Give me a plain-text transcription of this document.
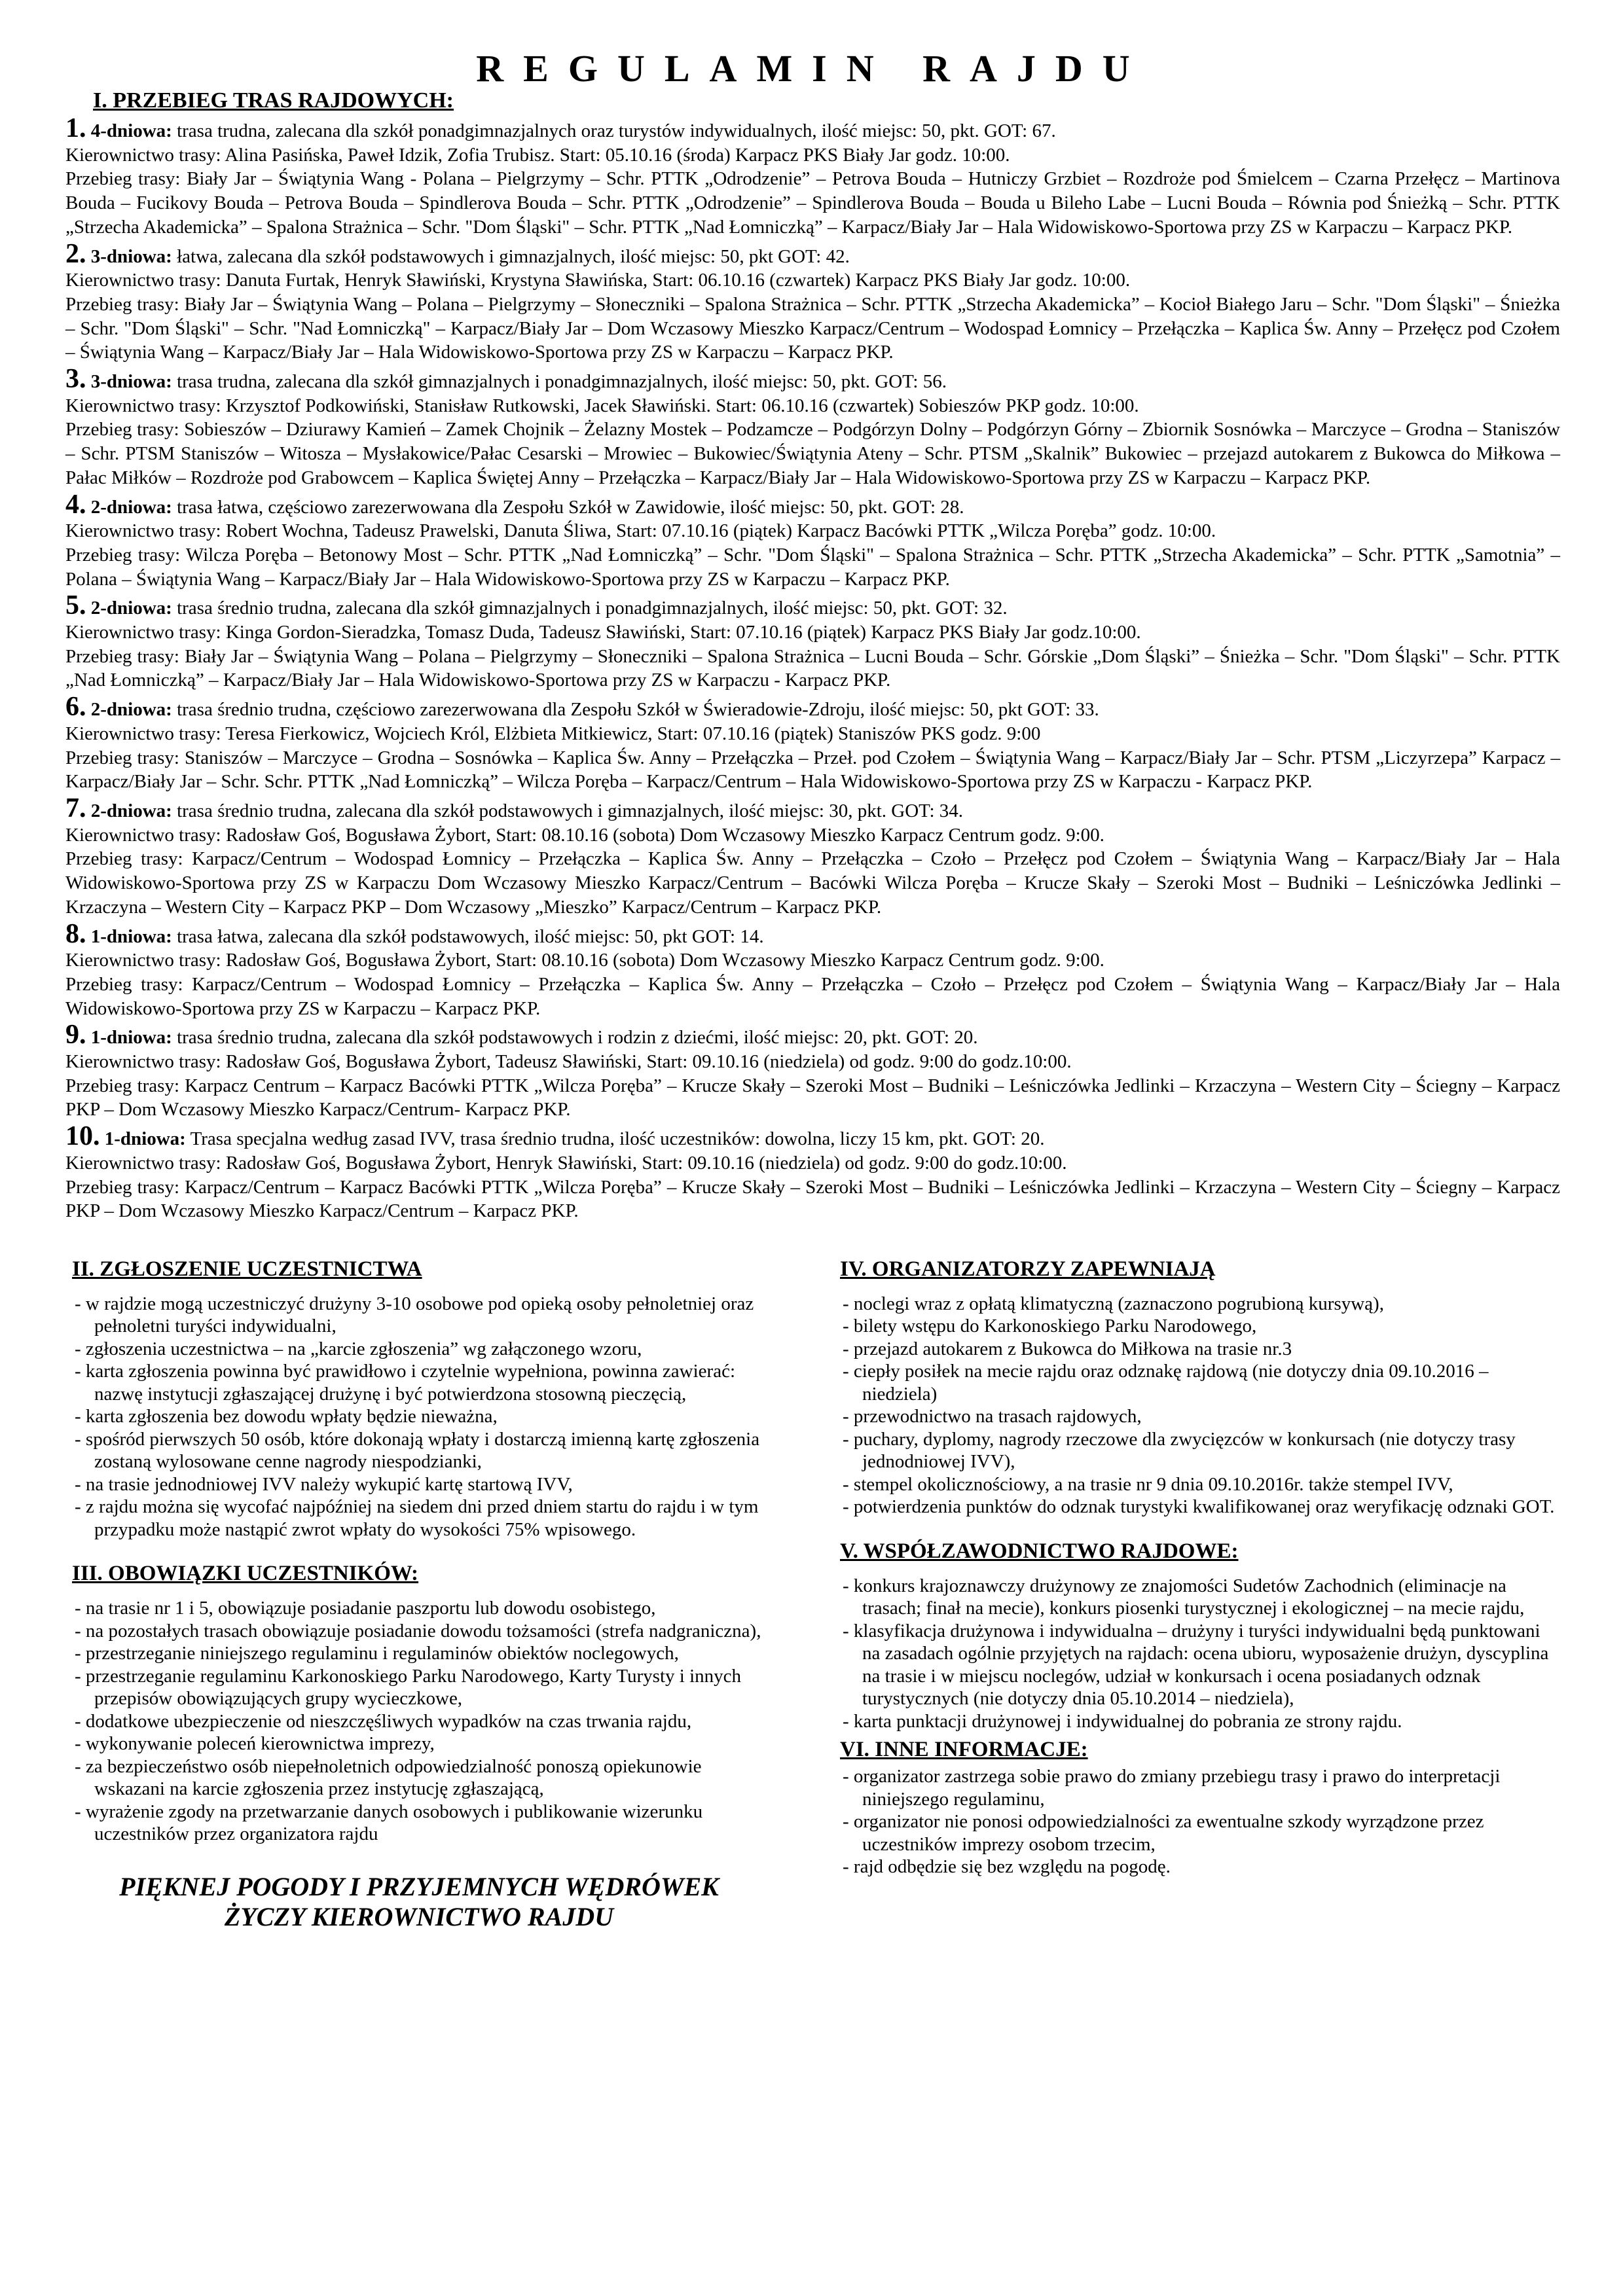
REGULAMIN RAJDU
I. PRZEBIEG TRAS RAJDOWYCH:
1. 4-dniowa: trasa trudna, zalecana dla szkół ponadgimnazjalnych oraz turystów indywidualnych, ilość miejsc: 50, pkt. GOT: 67.
Kierownictwo trasy: Alina Pasińska, Paweł Idzik, Zofia Trubisz. Start: 05.10.16 (środa) Karpacz PKS Biały Jar godz. 10:00.
Przebieg trasy: Biały Jar – Świątynia Wang - Polana – Pielgrzymy – Schr. PTTK „Odrodzenie” – Petrova Bouda – Hutniczy Grzbiet – Rozdroże pod Śmielcem – Czarna Przełęcz – Martinova Bouda – Fucikovy Bouda – Petrova Bouda – Spindlerova Bouda – Schr. PTTK „Odrodzenie” – Spindlerova Bouda – Bouda u Bileho Labe – Lucni Bouda – Równia pod Śnieżką – Schr. PTTK „Strzecha Akademicka” – Spalona Strażnica – Schr. "Dom Śląski" – Schr. PTTK „Nad Łomniczką” – Karpacz/Biały Jar – Hala Widowiskowo-Sportowa przy ZS w Karpaczu – Karpacz PKP.
2. 3-dniowa: łatwa, zalecana dla szkół podstawowych i gimnazjalnych, ilość miejsc: 50, pkt GOT: 42.
Kierownictwo trasy: Danuta Furtak, Henryk Sławiński, Krystyna Sławińska, Start: 06.10.16 (czwartek) Karpacz PKS Biały Jar godz. 10:00.
Przebieg trasy: Biały Jar – Świątynia Wang – Polana – Pielgrzymy – Słoneczniki – Spalona Strażnica – Schr. PTTK „Strzecha Akademicka” – Kocioł Białego Jaru – Schr. "Dom Śląski" – Śnieżka – Schr. "Dom Śląski" – Schr. "Nad Łomniczką" – Karpacz/Biały Jar – Dom Wczasowy Mieszko Karpacz/Centrum – Wodospad Łomnicy – Przełączka – Kaplica Św. Anny – Przełęcz pod Czołem – Świątynia Wang – Karpacz/Biały Jar – Hala Widowiskowo-Sportowa przy ZS w Karpaczu – Karpacz PKP.
3. 3-dniowa: trasa trudna, zalecana dla szkół gimnazjalnych i ponadgimnazjalnych, ilość miejsc: 50, pkt. GOT: 56.
Kierownictwo trasy: Krzysztof Podkowiński, Stanisław Rutkowski, Jacek Sławiński. Start: 06.10.16 (czwartek) Sobieszów PKP godz. 10:00.
Przebieg trasy: Sobieszów – Dziurawy Kamień – Zamek Chojnik – Żelazny Mostek – Podzamcze – Podgórzyn Dolny – Podgórzyn Górny – Zbiornik Sosnówka – Marczyce – Grodna – Staniszów – Schr. PTSM Staniszów – Witosza – Mysłakowice/Pałac Cesarski – Mrowiec – Bukowiec/Świątynia Ateny – Schr. PTSM „Skalnik” Bukowiec – przejazd autokarem z Bukowca do Miłkowa – Pałac Miłków – Rozdroże pod Grabowcem – Kaplica Świętej Anny – Przełączka – Karpacz/Biały Jar – Hala Widowiskowo-Sportowa przy ZS w Karpaczu – Karpacz PKP.
4. 2-dniowa: trasa łatwa, częściowo zarezerwowana dla Zespołu Szkół w Zawidowie, ilość miejsc: 50, pkt. GOT: 28.
Kierownictwo trasy: Robert Wochna, Tadeusz Prawelski, Danuta Śliwa, Start: 07.10.16 (piątek) Karpacz Bacówki PTTK „Wilcza Poręba” godz. 10:00.
Przebieg trasy: Wilcza Poręba – Betonowy Most – Schr. PTTK „Nad Łomniczką” – Schr. "Dom Śląski" – Spalona Strażnica – Schr. PTTK „Strzecha Akademicka” – Schr. PTTK „Samotnia” – Polana – Świątynia Wang – Karpacz/Biały Jar – Hala Widowiskowo-Sportowa przy ZS w Karpaczu – Karpacz PKP.
5. 2-dniowa: trasa średnio trudna, zalecana dla szkół gimnazjalnych i ponadgimnazjalnych, ilość miejsc: 50, pkt. GOT: 32.
Kierownictwo trasy: Kinga Gordon-Sieradzka, Tomasz Duda, Tadeusz Sławiński, Start: 07.10.16 (piątek) Karpacz PKS Biały Jar godz.10:00.
Przebieg trasy: Biały Jar – Świątynia Wang – Polana – Pielgrzymy – Słoneczniki – Spalona Strażnica – Lucni Bouda – Schr. Górskie „Dom Śląski” – Śnieżka – Schr. "Dom Śląski" – Schr. PTTK „Nad Łomniczką” – Karpacz/Biały Jar – Hala Widowiskowo-Sportowa przy ZS w Karpaczu - Karpacz PKP.
6. 2-dniowa: trasa średnio trudna, częściowo zarezerwowana dla Zespołu Szkół w Świeradowie-Zdroju, ilość miejsc: 50, pkt GOT: 33.
Kierownictwo trasy: Teresa Fierkowicz, Wojciech Król, Elżbieta Mitkiewicz, Start: 07.10.16 (piątek) Staniszów PKS godz. 9:00
Przebieg trasy: Staniszów – Marczyce – Grodna – Sosnówka – Kaplica Św. Anny – Przełączka – Przeł. pod Czołem – Świątynia Wang – Karpacz/Biały Jar – Schr. PTSM „Liczyrzepa” Karpacz – Karpacz/Biały Jar – Schr. Schr. PTTK „Nad Łomniczką” – Wilcza Poręba – Karpacz/Centrum – Hala Widowiskowo-Sportowa przy ZS w Karpaczu - Karpacz PKP.
7. 2-dniowa: trasa średnio trudna, zalecana dla szkół podstawowych i gimnazjalnych, ilość miejsc: 30, pkt. GOT: 34.
Kierownictwo trasy: Radosław Goś, Bogusława Żybort, Start: 08.10.16 (sobota) Dom Wczasowy Mieszko Karpacz Centrum godz. 9:00.
Przebieg trasy: Karpacz/Centrum – Wodospad Łomnicy – Przełączka – Kaplica Św. Anny – Przełączka – Czoło – Przełęcz pod Czołem – Świątynia Wang – Karpacz/Biały Jar – Hala Widowiskowo-Sportowa przy ZS w Karpaczu Dom Wczasowy Mieszko Karpacz/Centrum – Bacówki Wilcza Poręba – Krucze Skały – Szeroki Most – Budniki – Leśniczówka Jedlinki – Krzaczyna – Western City – Karpacz PKP – Dom Wczasowy „Mieszko” Karpacz/Centrum – Karpacz PKP.
8. 1-dniowa: trasa łatwa, zalecana dla szkół podstawowych, ilość miejsc: 50, pkt GOT: 14.
Kierownictwo trasy: Radosław Goś, Bogusława Żybort, Start: 08.10.16 (sobota) Dom Wczasowy Mieszko Karpacz Centrum godz. 9:00.
Przebieg trasy: Karpacz/Centrum – Wodospad Łomnicy – Przełączka – Kaplica Św. Anny – Przełączka – Czoło – Przełęcz pod Czołem – Świątynia Wang – Karpacz/Biały Jar – Hala Widowiskowo-Sportowa przy ZS w Karpaczu – Karpacz PKP.
9. 1-dniowa: trasa średnio trudna, zalecana dla szkół podstawowych i rodzin z dziećmi, ilość miejsc: 20, pkt. GOT: 20.
Kierownictwo trasy: Radosław Goś, Bogusława Żybort, Tadeusz Sławiński, Start: 09.10.16 (niedziela) od godz. 9:00 do godz.10:00.
Przebieg trasy: Karpacz Centrum – Karpacz Bacówki PTTK „Wilcza Poręba” – Krucze Skały – Szeroki Most – Budniki – Leśniczówka Jedlinki – Krzaczyna – Western City – Ściegny – Karpacz PKP – Dom Wczasowy Mieszko Karpacz/Centrum- Karpacz PKP.
10. 1-dniowa: Trasa specjalna według zasad IVV, trasa średnio trudna, ilość uczestników: dowolna, liczy 15 km, pkt. GOT: 20.
Kierownictwo trasy: Radosław Goś, Bogusława Żybort, Henryk Sławiński, Start: 09.10.16 (niedziela) od godz. 9:00 do godz.10:00.
Przebieg trasy: Karpacz/Centrum – Karpacz Bacówki PTTK „Wilcza Poręba” – Krucze Skały – Szeroki Most – Budniki – Leśniczówka Jedlinki – Krzaczyna – Western City – Ściegny – Karpacz PKP – Dom Wczasowy Mieszko Karpacz/Centrum – Karpacz PKP.
II. ZGŁOSZENIE UCZESTNICTWA
- w rajdzie mogą uczestniczyć drużyny 3-10 osobowe pod opieką osoby pełnoletniej oraz pełnoletni turyści indywidualni,
- zgłoszenia uczestnictwa – na „karcie zgłoszenia” wg załączonego wzoru,
- karta zgłoszenia powinna być prawidłowo i czytelnie wypełniona, powinna zawierać: nazwę instytucji zgłaszającej drużynę i być potwierdzona stosowną pieczęcią,
- karta zgłoszenia bez dowodu wpłaty będzie nieważna,
- spośród pierwszych 50 osób, które dokonają wpłaty i dostarczą imienną kartę zgłoszenia zostaną wylosowane cenne nagrody niespodzianki,
- na trasie jednodniowej IVV należy wykupić kartę startową IVV,
- z rajdu można się wycofać najpóźniej na siedem dni przed dniem startu do rajdu i w tym przypadku może nastąpić zwrot wpłaty do wysokości 75% wpisowego.
III. OBOWIĄZKI UCZESTNIKÓW:
- na trasie nr 1 i 5, obowiązuje posiadanie paszportu lub dowodu osobistego,
- na pozostałych trasach obowiązuje posiadanie dowodu tożsamości (strefa nadgraniczna),
- przestrzeganie niniejszego regulaminu i regulaminów obiektów noclegowych,
- przestrzeganie regulaminu Karkonoskiego Parku Narodowego, Karty Turysty i innych przepisów obowiązujących grupy wycieczkowe,
- dodatkowe ubezpieczenie od nieszczęśliwych wypadków na czas trwania rajdu,
- wykonywanie poleceń kierownictwa imprezy,
- za bezpieczeństwo osób niepełnoletnich odpowiedzialność ponoszą opiekunowie wskazani na karcie zgłoszenia przez instytucję zgłaszającą,
- wyrażenie zgody na przetwarzanie danych osobowych i publikowanie wizerunku uczestników przez organizatora rajdu
PIĘKNEJ POGODY I PRZYJEMNYCH WĘDRÓWEK
ŻYCZY KIEROWNICTWO RAJDU
IV. ORGANIZATORZY ZAPEWNIAJĄ
- noclegi wraz z opłatą klimatyczną (zaznaczono pogrubioną kursywą),
- bilety wstępu do Karkonoskiego Parku Narodowego,
- przejazd autokarem z Bukowca do Miłkowa na trasie nr.3
- ciepły posiłek na mecie rajdu oraz odznakę rajdową (nie dotyczy dnia 09.10.2016 – niedziela)
- przewodnictwo na trasach rajdowych,
- puchary, dyplomy, nagrody rzeczowe dla zwycięzców w konkursach (nie dotyczy trasy jednodniowej IVV),
- stempel okolicznościowy, a na trasie nr 9 dnia 09.10.2016r. także stempel IVV,
- potwierdzenia punktów do odznak turystyki kwalifikowanej oraz weryfikację odznaki GOT.
V. WSPÓŁZAWODNICTWO RAJDOWE:
- konkurs krajoznawczy drużynowy ze znajomości Sudetów Zachodnich (eliminacje na trasach; finał na mecie), konkurs piosenki turystycznej i ekologicznej – na mecie rajdu,
- klasyfikacja drużynowa i indywidualna – drużyny i turyści indywidualni będą punktowani na zasadach ogólnie przyjętych na rajdach: ocena ubioru, wyposażenie drużyn, dyscyplina na trasie i w miejscu noclegów, udział w konkursach i ocena posiadanych odznak turystycznych (nie dotyczy dnia 05.10.2014 – niedziela),
- karta punktacji drużynowej i indywidualnej do pobrania ze strony rajdu.
VI. INNE INFORMACJE:
- organizator zastrzega sobie prawo do zmiany przebiegu trasy i prawo do interpretacji niniejszego regulaminu,
- organizator nie ponosi odpowiedzialności za ewentualne szkody wyrządzone przez uczestników imprezy osobom trzecim,
- rajd odbędzie się bez względu na pogodę.
